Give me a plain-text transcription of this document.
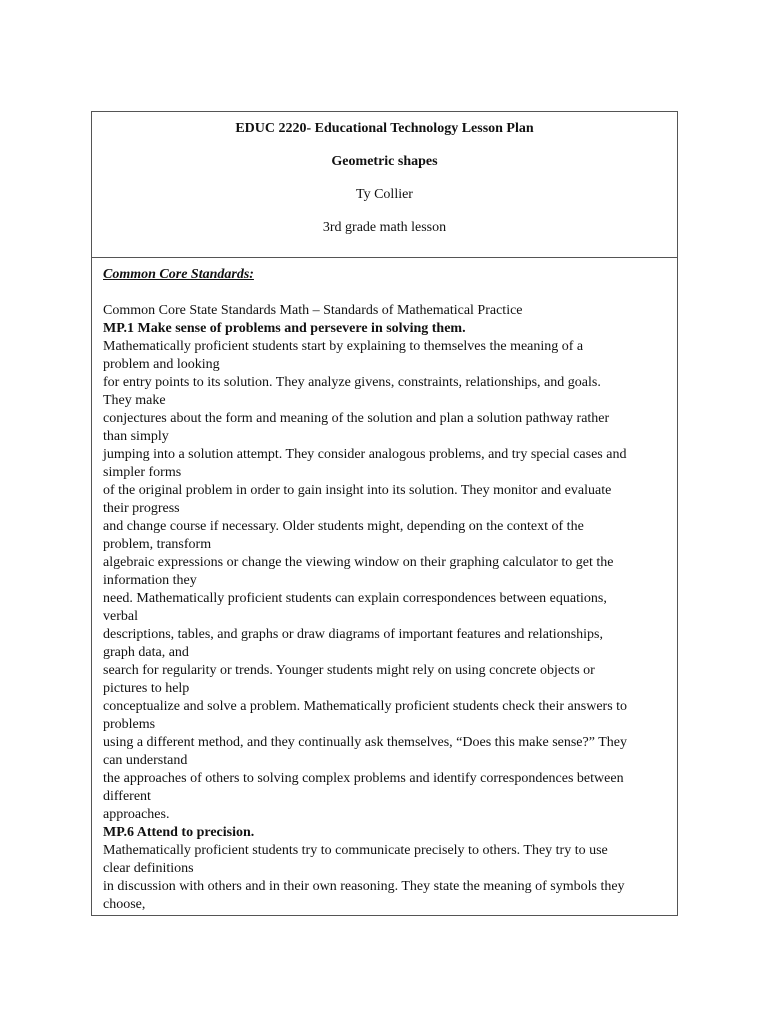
EDUC 2220- Educational Technology Lesson Plan
Geometric shapes
Ty Collier
3rd grade math lesson
Common Core Standards:
Common Core State Standards Math – Standards of Mathematical Practice
MP.1 Make sense of problems and persevere in solving them.
Mathematically proficient students start by explaining to themselves the meaning of a
problem and looking
for entry points to its solution. They analyze givens, constraints, relationships, and goals.
They make
conjectures about the form and meaning of the solution and plan a solution pathway rather
than simply
jumping into a solution attempt. They consider analogous problems, and try special cases and
simpler forms
of the original problem in order to gain insight into its solution. They monitor and evaluate
their progress
and change course if necessary. Older students might, depending on the context of the
problem, transform
algebraic expressions or change the viewing window on their graphing calculator to get the
information they
need. Mathematically proficient students can explain correspondences between equations,
verbal
descriptions, tables, and graphs or draw diagrams of important features and relationships,
graph data, and
search for regularity or trends. Younger students might rely on using concrete objects or
pictures to help
conceptualize and solve a problem. Mathematically proficient students check their answers to
problems
using a different method, and they continually ask themselves, “Does this make sense?” They
can understand
the approaches of others to solving complex problems and identify correspondences between
different
approaches.
MP.6 Attend to precision.
Mathematically proficient students try to communicate precisely to others. They try to use
clear definitions
in discussion with others and in their own reasoning. They state the meaning of symbols they
choose,
